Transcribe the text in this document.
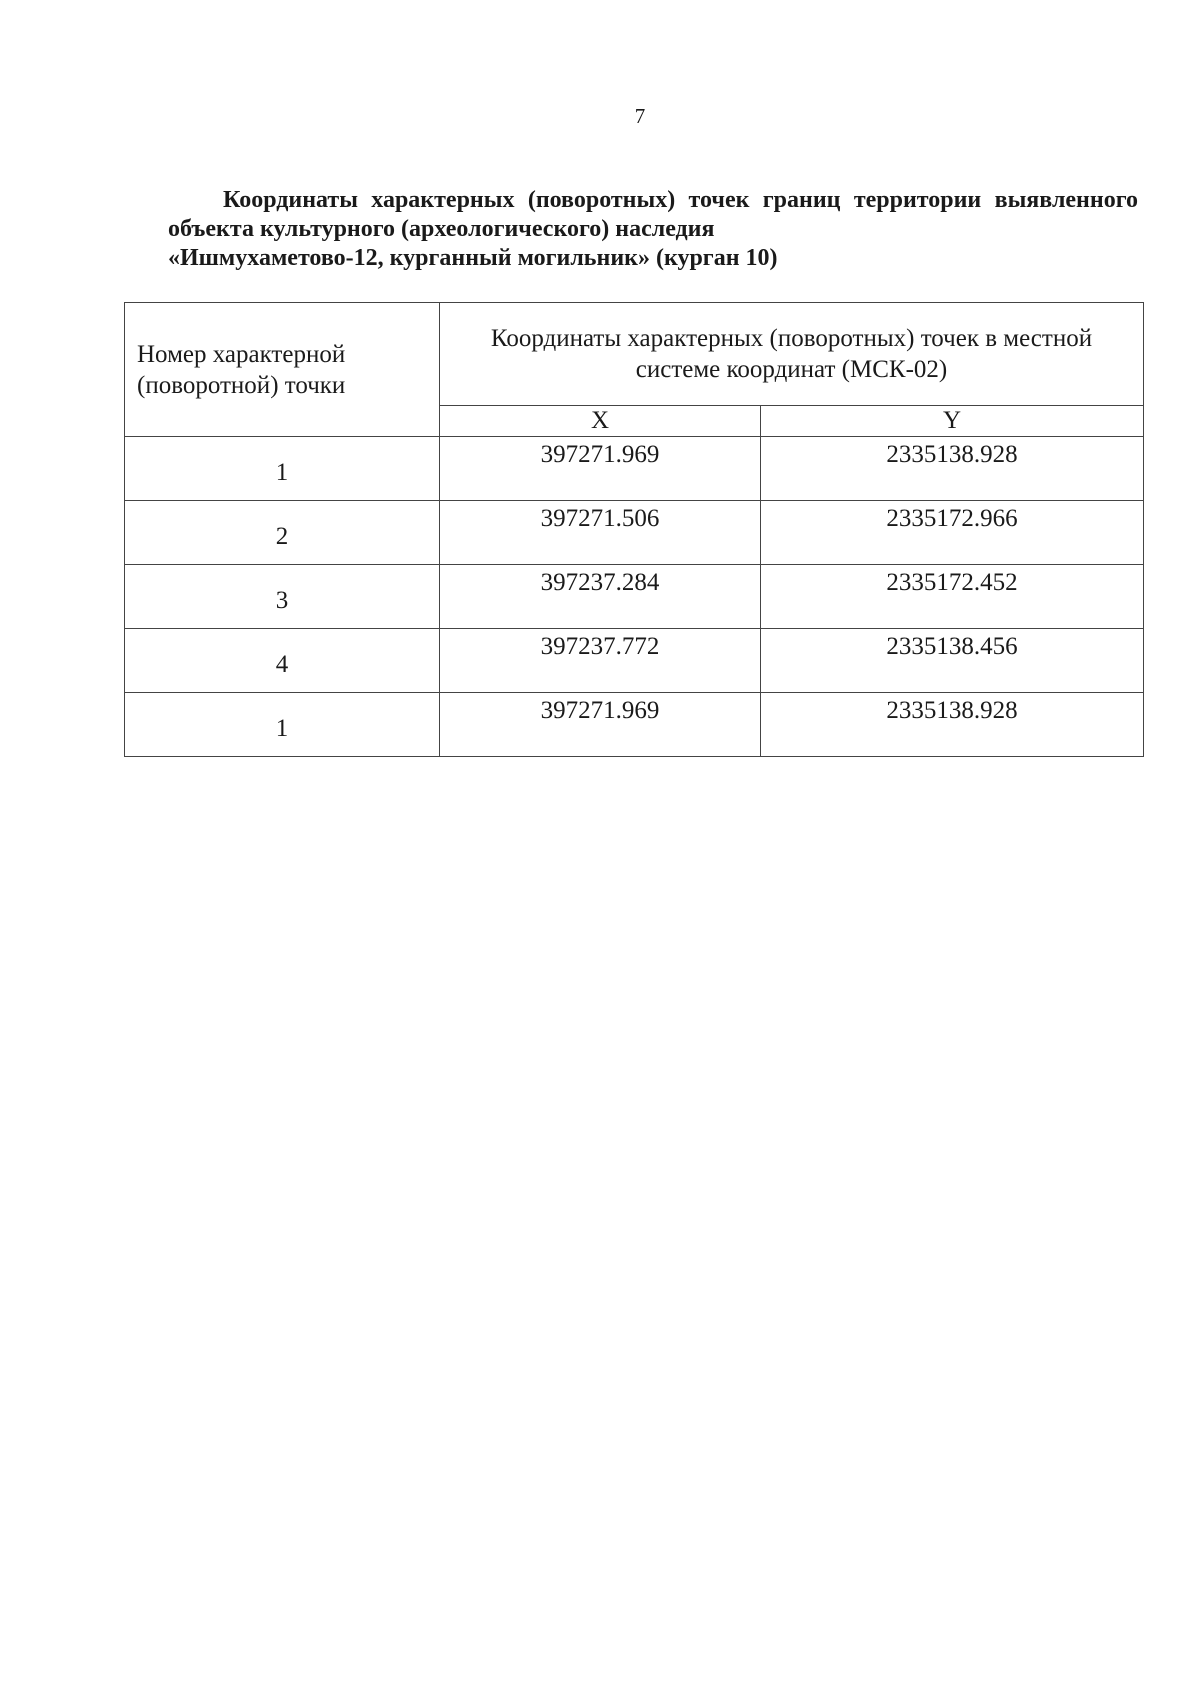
7
Координаты характерных (поворотных) точек границ территории выявленного объекта культурного (археологического) наследия
«Ишмухаметово-12, курганный могильник» (курган 10)
Номер характерной (поворотной) точки	Координаты характерных (поворотных) точек в местной системе координат (МСК-02)	
	X	Y
1	397271.969	2335138.928
2	397271.506	2335172.966
3	397237.284	2335172.452
4	397237.772	2335138.456
1	397271.969	2335138.928
